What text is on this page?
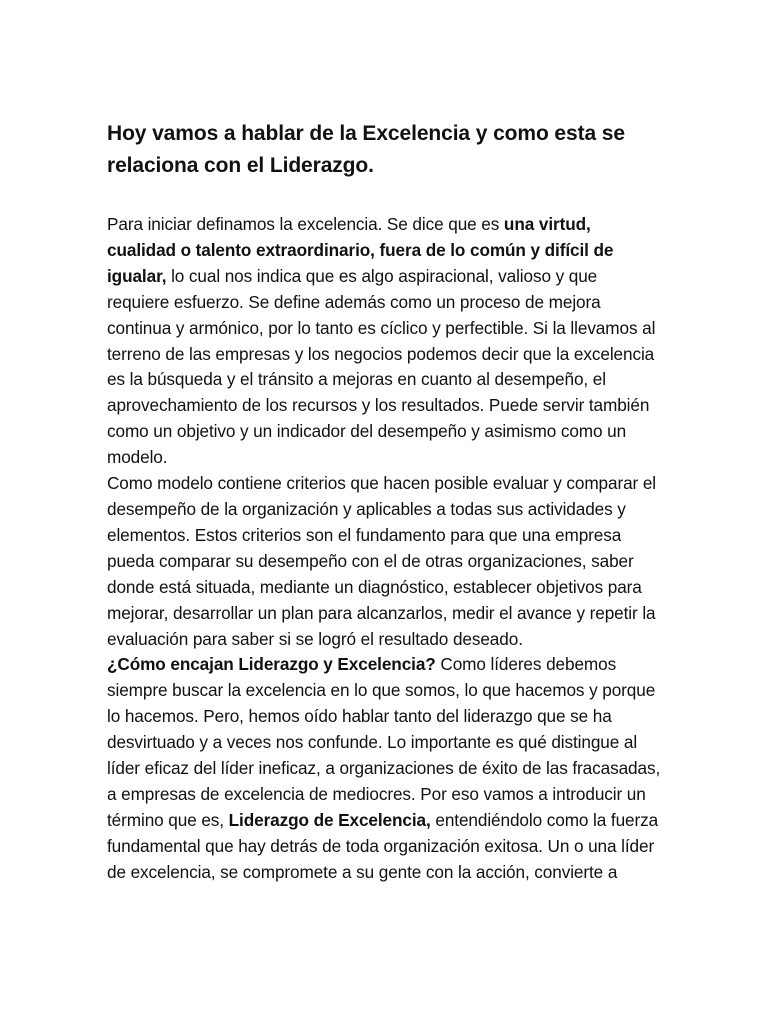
Hoy vamos a hablar de la Excelencia y como esta se relaciona con el Liderazgo.

Para iniciar definamos la excelencia. Se dice que es una virtud, cualidad o talento extraordinario, fuera de lo común y difícil de igualar, lo cual nos indica que es algo aspiracional, valioso y que requiere esfuerzo. Se define además como un proceso de mejora continua y armónico, por lo tanto es cíclico y perfectible. Si la llevamos al terreno de las empresas y los negocios podemos decir que la excelencia es la búsqueda y el tránsito a mejoras en cuanto al desempeño, el aprovechamiento de los recursos y los resultados. Puede servir también como un objetivo y un indicador del desempeño y asimismo como un modelo.

Como modelo contiene criterios que hacen posible evaluar y comparar el desempeño de la organización y aplicables a todas sus actividades y elementos. Estos criterios son el fundamento para que una empresa pueda comparar su desempeño con el de otras organizaciones, saber donde está situada, mediante un diagnóstico, establecer objetivos para mejorar, desarrollar un plan para alcanzarlos, medir el avance y repetir la evaluación para saber si se logró el resultado deseado.

¿Cómo encajan Liderazgo y Excelencia? Como líderes debemos siempre buscar la excelencia en lo que somos, lo que hacemos y porque lo hacemos. Pero, hemos oído hablar tanto del liderazgo que se ha desvirtuado y a veces nos confunde. Lo importante es qué distingue al líder eficaz del líder ineficaz, a organizaciones de éxito de las fracasadas, a empresas de excelencia de mediocres. Por eso vamos a introducir un término que es, Liderazgo de Excelencia, entendiéndolo como la fuerza fundamental que hay detrás de toda organización exitosa. Un o una líder de excelencia, se compromete a su gente con la acción, convierte a
